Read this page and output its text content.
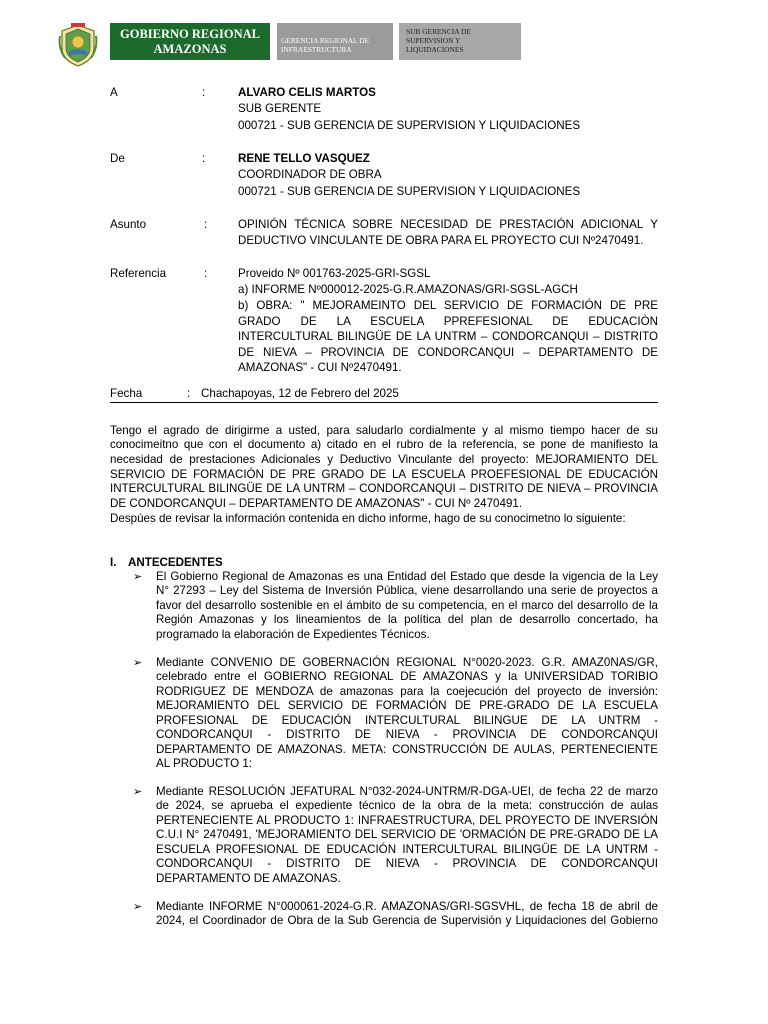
GOBIERNO REGIONAL
AMAZONAS
GERENCIA REGIONAL DE
INFRAESTRUCTURA
SUB GERENCIA DE
SUPERVISION Y
LIQUIDACIONES
A	:	ALVARO CELIS MARTOS
SUB GERENTE
000721 - SUB GERENCIA DE SUPERVISION Y LIQUIDACIONES
De	:	RENE TELLO VASQUEZ
COORDINADOR DE OBRA
000721 - SUB GERENCIA DE SUPERVISION Y LIQUIDACIONES
Asunto	:	OPINIÓN TÉCNICA SOBRE NECESIDAD DE PRESTACIÓN ADICIONAL Y
DEDUCTIVO VINCULANTE DE OBRA PARA EL PROYECTO CUI Nº2470491.
Referencia	:	Proveido Nº 001763-2025-GRI-SGSL
a) INFORME Nº000012-2025-G.R.AMAZONAS/GRI-SGSL-AGCH
b) OBRA: " MEJORAMEINTO DEL SERVICIO DE FORMACIÓN DE PRE
GRADO DE LA ESCUELA PPREFESIONAL DE EDUCACIÒN
INTERCULTURAL BILINGÜE DE LA UNTRM – CONDORCANQUI – DISTRITO
DE NIEVA – PROVINCIA DE CONDORCANQUI – DEPARTAMENTO DE
AMAZONAS" - CUI Nº2470491.
Fecha	: Chachapoyas, 12 de Febrero del 2025
Tengo el agrado de dirigirme a usted, para saludarlo cordialmente y al mismo tiempo hacer de su
conocimeitno que con el documento a) citado en el rubro de la referencia, se pone de manifiesto la
necesidad de prestaciones Adicionales y Deductivo Vinculante del proyecto: MEJORAMIENTO DEL
SERVICIO DE FORMACIÓN DE PRE GRADO DE LA ESCUELA PROEFESIONAL DE EDUCACIÓN
INTERCULTURAL BILINGÜE DE LA UNTRM – CONDORCANQUI – DISTRITO DE NIEVA – PROVINCIA
DE CONDORCANQUI – DEPARTAMENTO DE AMAZONAS" - CUI Nº 2470491.
Despúes de revisar la información contenida en dicho informe, hago de su conocimetno lo siguiente:
I. ANTECEDENTES
➢ El Gobierno Regional de Amazonas es una Entidad del Estado que desde la vigencia de la Ley
N° 27293 – Ley del Sistema de Inversión Pública, viene desarrollando una serie de proyectos a
favor del desarrollo sostenible en el ámbito de su competencia, en el marco del desarrollo de la
Región Amazonas y los lineamientos de la política del plan de desarrollo concertado, ha
programado la elaboración de Expedientes Técnicos.
➢ Mediante CONVENIO DE GOBERNACIÓN REGIONAL N°0020-2023. G.R. AMAZ0NAS/GR,
celebrado entre el GOBIERNO REGIONAL DE AMAZONAS y la UNIVERSIDAD TORIBIO
RODRIGUEZ DE MENDOZA de amazonas para la coejecución del proyecto de inversión:
MEJORAMIENTO DEL SERVICIO DE FORMACIÓN DE PRE-GRADO DE LA ESCUELA
PROFESIONAL DE EDUCACIÓN INTERCULTURAL BILINGUE DE LA UNTRM -
CONDORCANQUI - DISTRITO DE NIEVA - PROVINCIA DE CONDORCANQUI
DEPARTAMENTO DE AMAZONAS. META: CONSTRUCCIÓN DE AULAS, PERTENECIENTE
AL PRODUCTO 1:
➢ Mediante RESOLUCIÓN JEFATURAL N°032-2024-UNTRM/R-DGA-UEI, de fecha 22 de marzo
de 2024, se aprueba el expediente técnico de la obra de la meta: construcción de aulas
PERTENECIENTE AL PRODUCTO 1: INFRAESTRUCTURA, DEL PROYECTO DE INVERSIÓN
C.U.I N° 2470491, 'MEJORAMIENTO DEL SERVICIO DE 'ORMACIÓN DE PRE-GRADO DE LA
ESCUELA PROFESIONAL DE EDUCACIÓN INTERCULTURAL BILINGÜE DE LA UNTRM -
CONDORCANQUI - DISTRITO DE NIEVA - PROVINCIA DE CONDORCANQUI
DEPARTAMENTO DE AMAZONAS.
➢ Mediante INFORME N°000061-2024-G.R. AMAZONAS/GRI-SGSVHL, de fecha 18 de abril de
2024, el Coordinador de Obra de la Sub Gerencia de Supervisión y Liquidaciones del Gobierno
